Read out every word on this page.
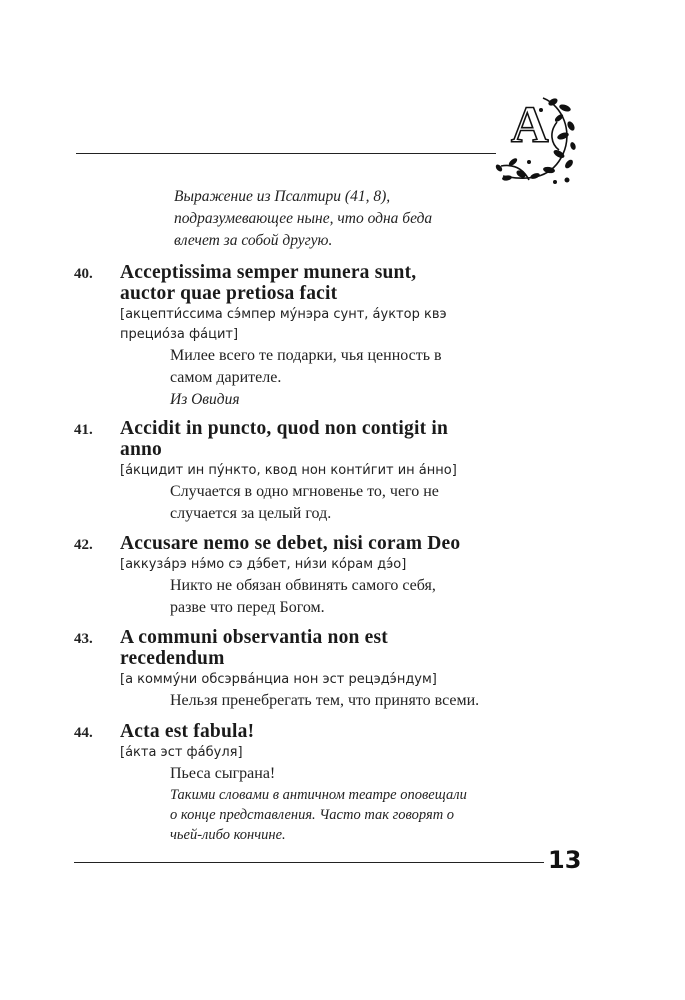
A
Выражение из Псалтири (41, 8),
подразумевающее ныне, что одна беда
влечет за собой другую.
40. Acceptissima semper munera sunt,
auctor quae pretiosa facit
[акцепти́ссима сэ́мпер му́нэра сунт, а́уктор квэ
прецио́за фа́цит]
Милее всего те подарки, чья ценность в
самом дарителе.
Из Овидия
41. Accidit in puncto, quod non contigit in
anno
[а́кцидит ин пу́нкто, квод нон конти́гит ин а́нно]
Случается в одно мгновенье то, чего не
случается за целый год.
42. Accusare nemo se debet, nisi coram Deo
[аккуза́рэ нэ́мо сэ дэ́бет, ни́зи ко́рам дэ́о]
Никто не обязан обвинять самого себя,
разве что перед Богом.
43. A communi observantia non est
recedendum
[а комму́ни обсэрва́нциа нон эст рецэдэ́ндум]
Нельзя пренебрегать тем, что принято всеми.
44. Acta est fabula!
[а́кта эст фа́буля]
Пьеса сыграна!
Такими словами в античном театре оповещали
о конце представления. Часто так говорят о
чьей-либо кончине.
13
